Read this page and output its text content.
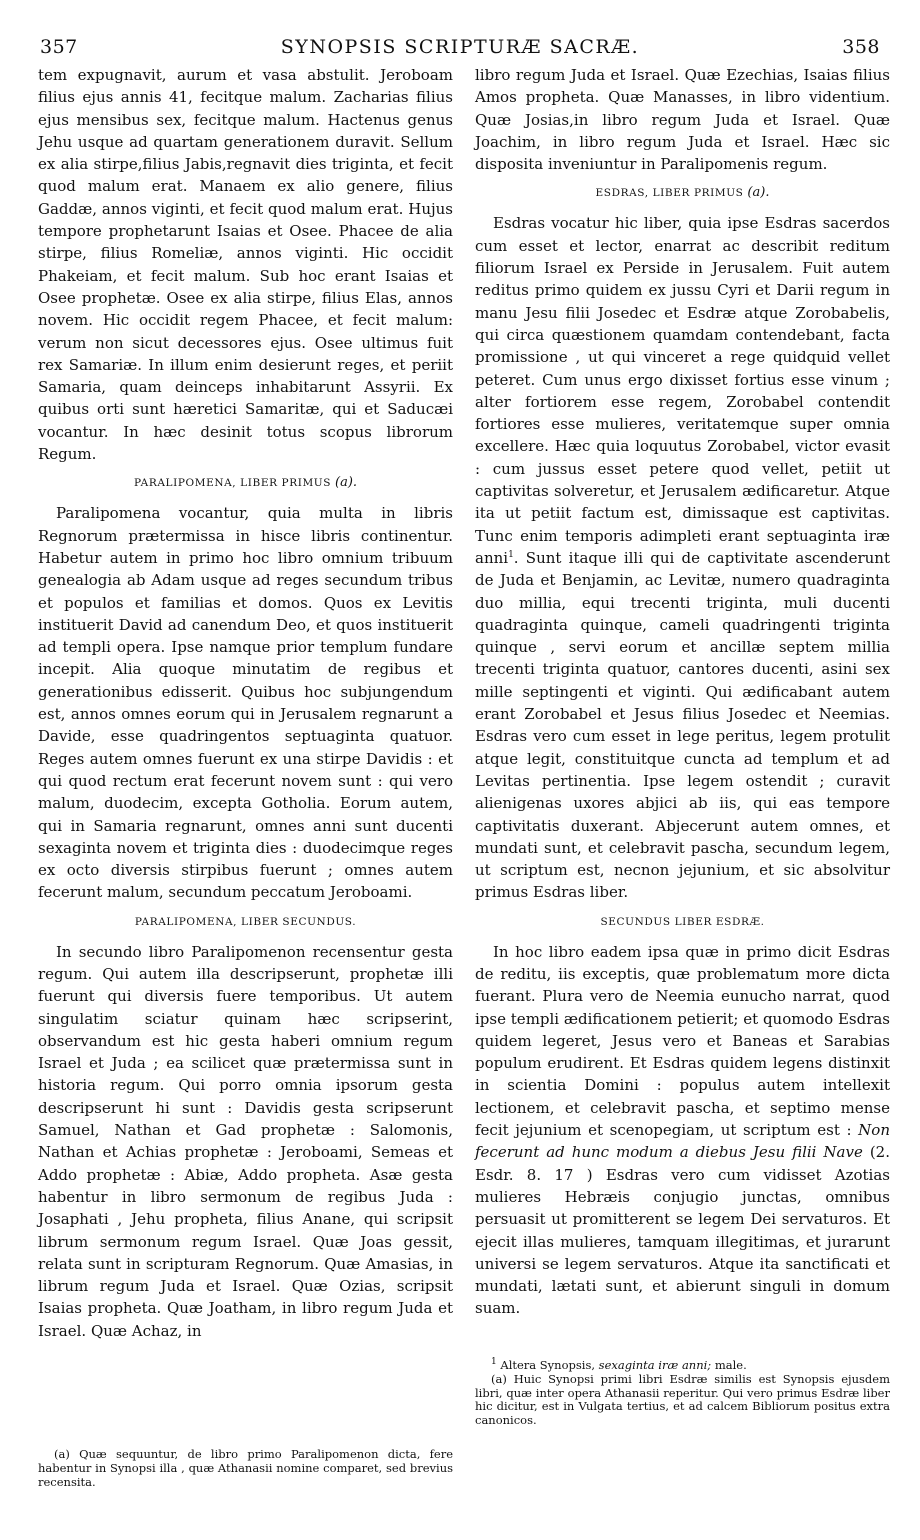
357	SYNOPSIS SCRIPTURÆ SACRÆ.	358

tem expugnavit, aurum et vasa abstulit. Jeroboam filius ejus annis 41, fecitque malum. Zacharias filius ejus mensibus sex, fecitque malum. Hactenus genus Jehu usque ad quartam generationem duravit. Sellum ex alia stirpe,filius Jabis,regnavit dies triginta, et fecit quod malum erat. Manaem ex alio genere, filius Gaddæ, annos viginti, et fecit quod malum erat. Hujus tempore prophetarunt Isaias et Osee. Phacee de alia stirpe, filius Romeliæ, annos viginti. Hic occidit Phakeiam, et fecit malum. Sub hoc erant Isaias et Osee prophetæ. Osee ex alia stirpe, filius Elas, annos novem. Hic occidit regem Phacee, et fecit malum: verum non sicut decessores ejus. Osee ultimus fuit rex Samariæ. In illum enim desierunt reges, et periit Samaria, quam deinceps inhabitarunt Assyrii. Ex quibus orti sunt hæretici Samaritæ, qui et Saducæi vocantur. In hæc desinit totus scopus librorum Regum.

PARALIPOMENA, LIBER PRIMUS (a).

Paralipomena vocantur, quia multa in libris Regnorum prætermissa in hisce libris continentur. Habetur autem in primo hoc libro omnium tribuum genealogia ab Adam usque ad reges secundum tribus et populos et familias et domos. Quos ex Levitis instituerit David ad canendum Deo, et quos instituerit ad templi opera. Ipse namque prior templum fundare incepit. Alia quoque minutatim de regibus et generationibus edisserit. Quibus hoc subjungendum est, annos omnes eorum qui in Jerusalem regnarunt a Davide, esse quadringentos septuaginta quatuor. Reges autem omnes fuerunt ex una stirpe Davidis : et qui quod rectum erat fecerunt novem sunt : qui vero malum, duodecim, excepta Gotholia. Eorum autem, qui in Samaria regnarunt, omnes anni sunt ducenti sexaginta novem et triginta dies : duodecimque reges ex octo diversis stirpibus fuerunt ; omnes autem fecerunt malum, secundum peccatum Jeroboami.

PARALIPOMENA, LIBER SECUNDUS.

In secundo libro Paralipomenon recensentur gesta regum. Qui autem illa descripserunt, prophetæ illi fuerunt qui diversis fuere temporibus. Ut autem singulatim sciatur quinam hæc scripserint, observandum est hic gesta haberi omnium regum Israel et Juda ; ea scilicet quæ prætermissa sunt in historia regum. Qui porro omnia ipsorum gesta descripserunt hi sunt : Davidis gesta scripserunt Samuel, Nathan et Gad prophetæ : Salomonis, Nathan et Achias prophetæ : Jeroboami, Semeas et Addo prophetæ : Abiæ, Addo propheta. Asæ gesta habentur in libro sermonum de regibus Juda : Josaphati , Jehu propheta, filius Anane, qui scripsit librum sermonum regum Israel. Quæ Joas gessit, relata sunt in scripturam Regnorum. Quæ Amasias, in librum regum Juda et Israel. Quæ Ozias, scripsit Isaias propheta. Quæ Joatham, in libro regum Juda et Israel. Quæ Achaz, in

(a) Quæ sequuntur, de libro primo Paralipomenon dicta, fere habentur in Synopsi illa , quæ Athanasii nomine comparet, sed brevius recensita.

libro regum Juda et Israel. Quæ Ezechias, Isaias filius Amos propheta. Quæ Manasses, in libro videntium. Quæ Josias,in libro regum Juda et Israel. Quæ Joachim, in libro regum Juda et Israel. Hæc sic disposita inveniuntur in Paralipomenis regum.

ESDRAS, LIBER PRIMUS (a).

Esdras vocatur hic liber, quia ipse Esdras sacerdos cum esset et lector, enarrat ac describit reditum filiorum Israel ex Perside in Jerusalem. Fuit autem reditus primo quidem ex jussu Cyri et Darii regum in manu Jesu filii Josedec et Esdræ atque Zorobabelis, qui circa quæstionem quamdam contendebant, facta promissione , ut qui vinceret a rege quidquid vellet peteret. Cum unus ergo dixisset fortius esse vinum ; alter fortiorem esse regem, Zorobabel contendit fortiores esse mulieres, veritatemque super omnia excellere. Hæc quia loquutus Zorobabel, victor evasit : cum jussus esset petere quod vellet, petiit ut captivitas solveretur, et Jerusalem ædificaretur. Atque ita ut petiit factum est, dimissaque est captivitas. Tunc enim temporis adimpleti erant septuaginta iræ anni$^1$. Sunt itaque illi qui de captivitate ascenderunt de Juda et Benjamin, ac Levitæ, numero quadraginta duo millia, equi trecenti triginta, muli ducenti quadraginta quinque, cameli quadringenti triginta quinque , servi eorum et ancillæ septem millia trecenti triginta quatuor, cantores ducenti, asini sex mille septingenti et viginti. Qui ædificabant autem erant Zorobabel et Jesus filius Josedec et Neemias. Esdras vero cum esset in lege peritus, legem protulit atque legit, constituitque cuncta ad templum et ad Levitas pertinentia. Ipse legem ostendit ; curavit alienigenas uxores abjici ab iis, qui eas tempore captivitatis duxerant. Abjecerunt autem omnes, et mundati sunt, et celebravit pascha, secundum legem, ut scriptum est, necnon jejunium, et sic absolvitur primus Esdras liber.

SECUNDUS LIBER ESDRÆ.

In hoc libro eadem ipsa quæ in primo dicit Esdras de reditu, iis exceptis, quæ problematum more dicta fuerant. Plura vero de Neemia eunucho narrat, quod ipse templi ædificationem petierit; et quomodo Esdras quidem legeret, Jesus vero et Baneas et Sarabias populum erudirent. Et Esdras quidem legens distinxit in scientia Domini : populus autem intellexit lectionem, et celebravit pascha, et septimo mense fecit jejunium et scenopegiam, ut scriptum est : Non fecerunt ad hunc modum a diebus Jesu filii Nave (2. Esdr. 8. 17 ) Esdras vero cum vidisset Azotias mulieres Hebræis conjugio junctas, omnibus persuasit ut promitterent se legem Dei servaturos. Et ejecit illas mulieres, tamquam illegitimas, et jurarunt universi se legem servaturos. Atque ita sanctificati et mundati, lætati sunt, et abierunt singuli in domum suam.

$^1$ Altera Synopsis, sexaginta iræ anni; male.

(a) Huic Synopsi primi libri Esdræ similis est Synopsis ejusdem libri, quæ inter opera Athanasii reperitur. Qui vero primus Esdræ liber hic dicitur, est in Vulgata tertius, et ad calcem Bibliorum positus extra canonicos.
